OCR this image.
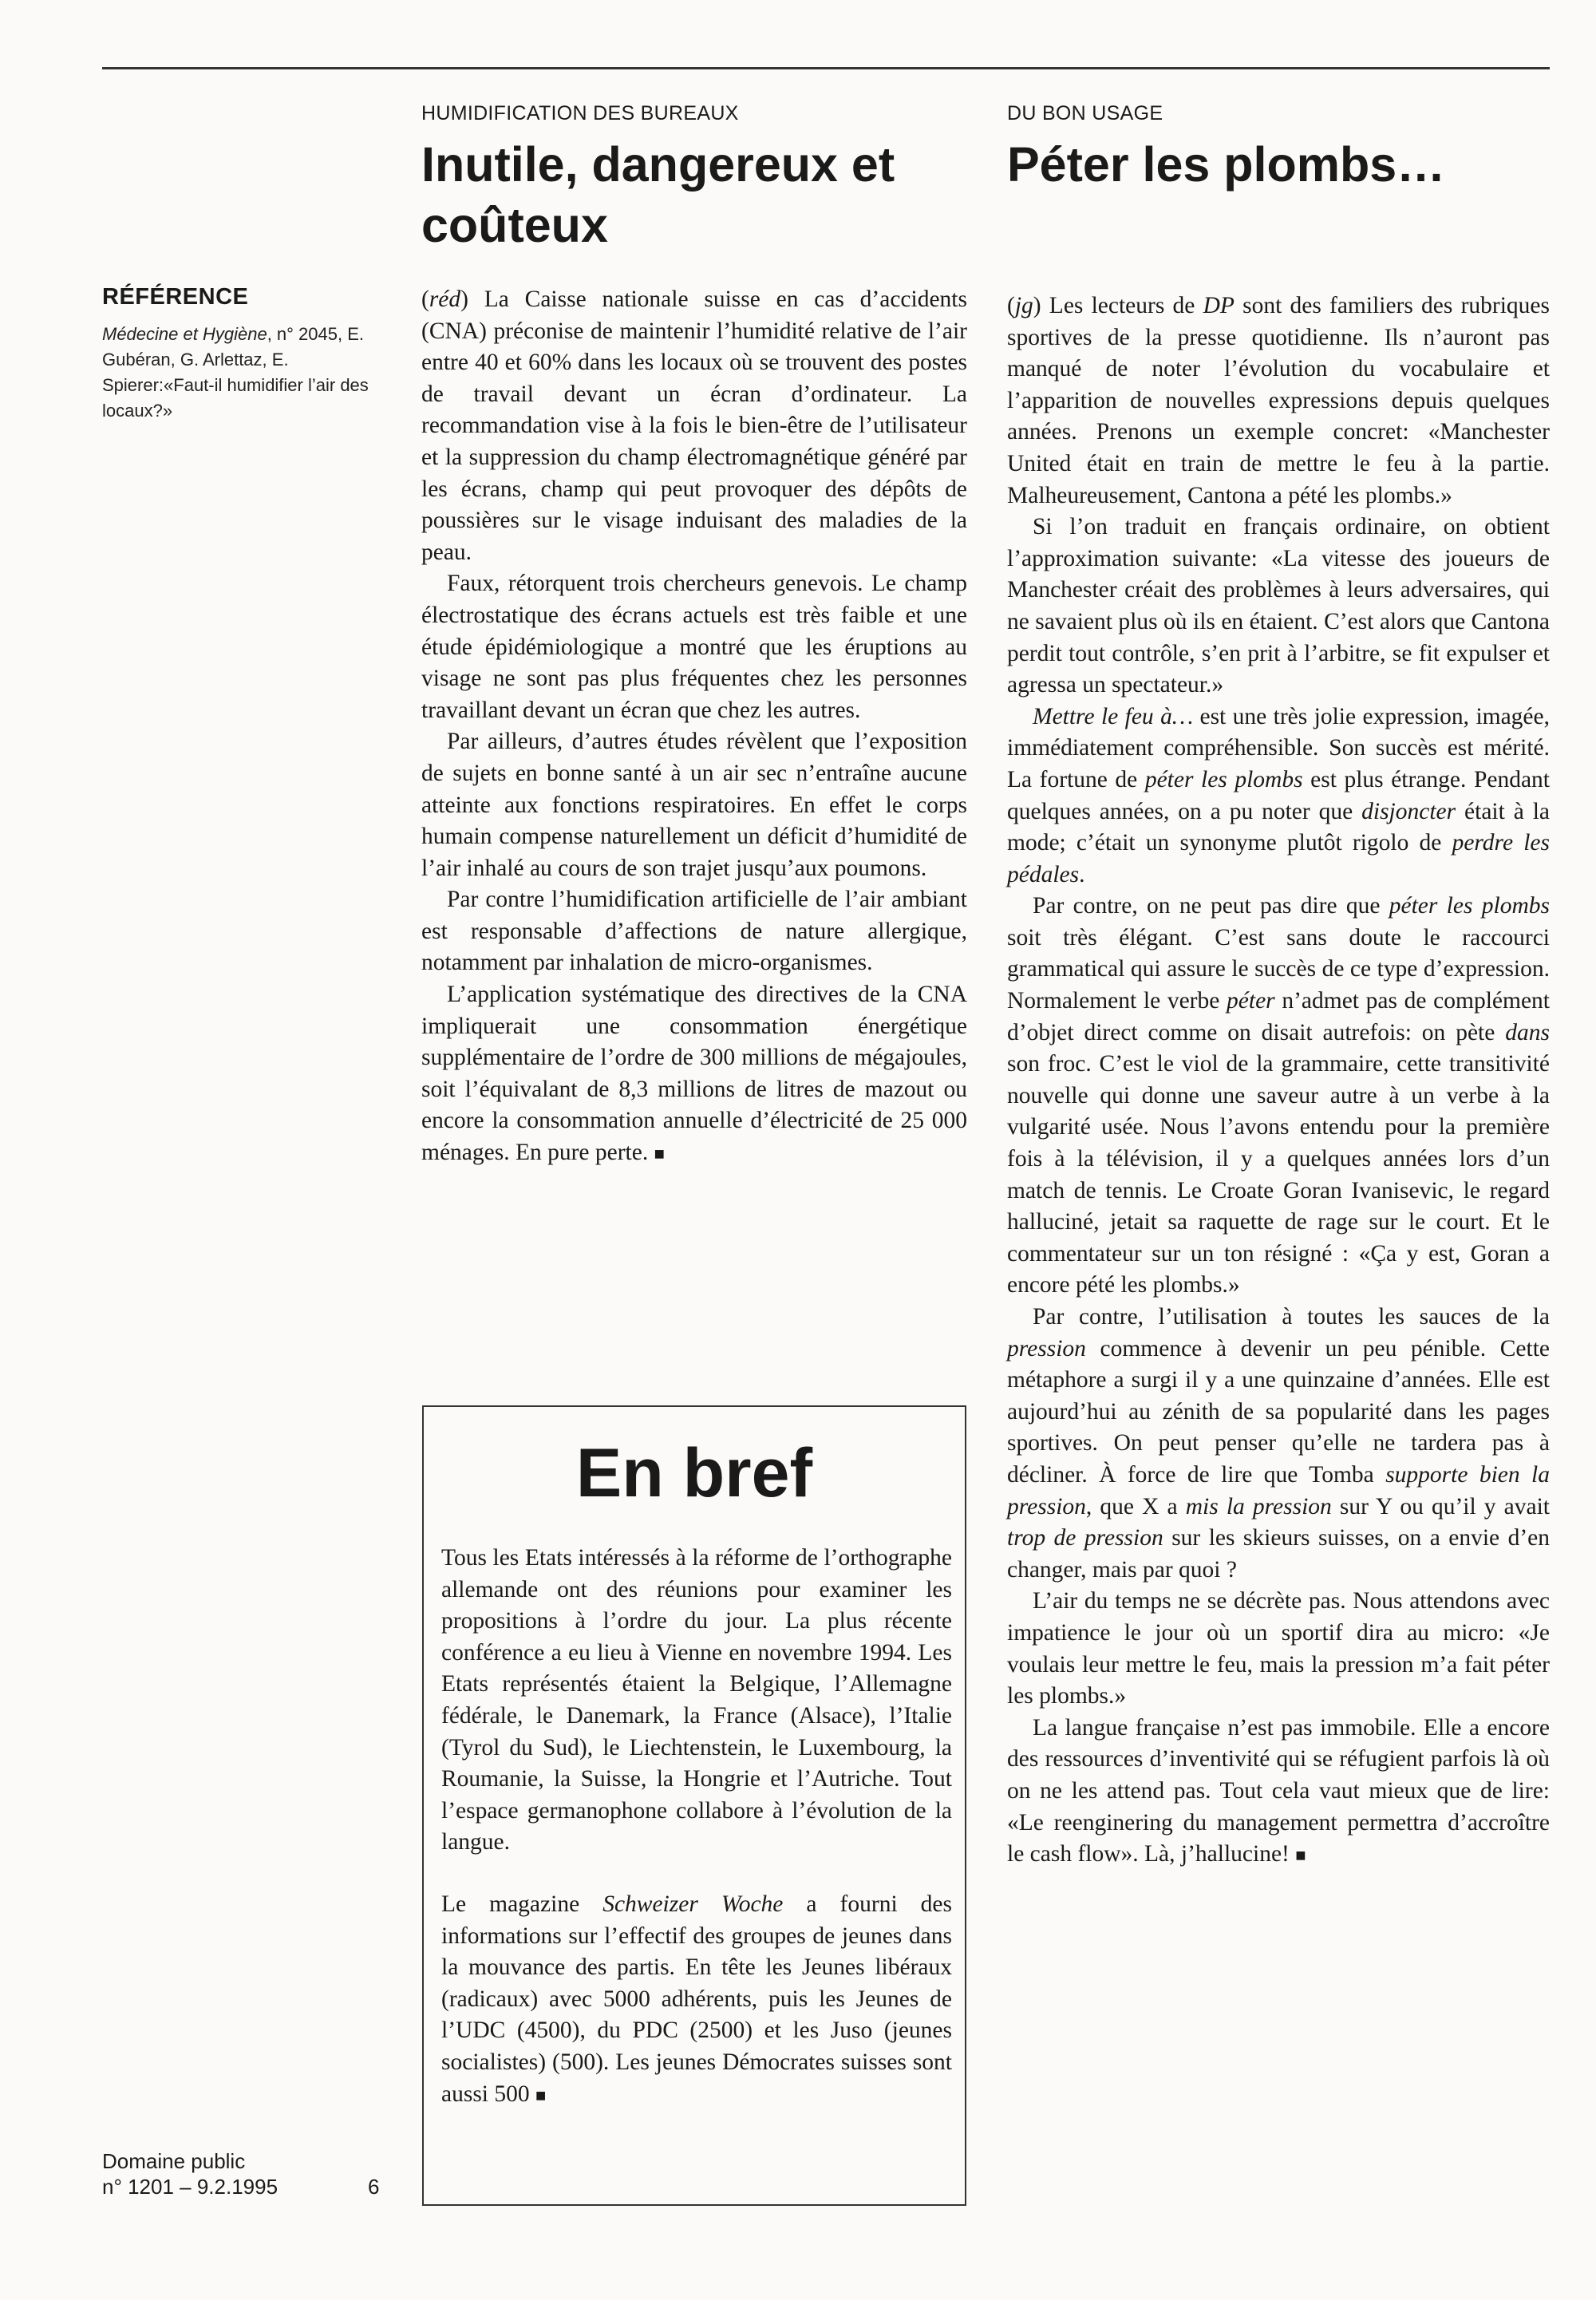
RÉFÉRENCE
Médecine et Hygiène, n° 2045, E. Gubéran, G. Arlettaz, E. Spierer:«Faut-il humidifier l’air des locaux?»
Domaine public
n° 1201 – 9.2.1995	6
HUMIDIFICATION DES BUREAUX
Inutile, dangereux et
coûteux
DU BON USAGE
Péter les plombs…

(réd) La Caisse nationale suisse en cas d’accidents (CNA) préconise de maintenir l’humidité relative de l’air entre 40 et 60% dans les locaux où se trouvent des postes de travail devant un écran d’ordinateur. La recommandation vise à la fois le bien-être de l’utilisateur et la suppression du champ électromagnétique généré par les écrans, champ qui peut provoquer des dépôts de poussières sur le visage induisant des maladies de la peau.

Faux, rétorquent trois chercheurs genevois. Le champ électrostatique des écrans actuels est très faible et une étude épidémiologique a montré que les éruptions au visage ne sont pas plus fréquentes chez les personnes travaillant devant un écran que chez les autres.

Par ailleurs, d’autres études révèlent que l’exposition de sujets en bonne santé à un air sec n’entraîne aucune atteinte aux fonctions respiratoires. En effet le corps humain compense naturellement un déficit d’humidité de l’air inhalé au cours de son trajet jusqu’aux poumons.

Par contre l’humidification artificielle de l’air ambiant est responsable d’affections de nature allergique, notamment par inhalation de micro-organismes.

L’application systématique des directives de la CNA impliquerait une consommation énergétique supplémentaire de l’ordre de 300 millions de mégajoules, soit l’équivalant de 8,3 millions de litres de mazout ou encore la consommation annuelle d’électricité de 25 000 ménages. En pure perte. ■

En bref

Tous les Etats intéressés à la réforme de l’orthographe allemande ont des réunions pour examiner les propositions à l’ordre du jour. La plus récente conférence a eu lieu à Vienne en novembre 1994. Les Etats représentés étaient la Belgique, l’Allemagne fédérale, le Danemark, la France (Alsace), l’Italie (Tyrol du Sud), le Liechtenstein, le Luxembourg, la Roumanie, la Suisse, la Hongrie et l’Autriche. Tout l’espace germanophone collabore à l’évolution de la langue.

Le magazine Schweizer Woche a fourni des informations sur l’effectif des groupes de jeunes dans la mouvance des partis. En tête les Jeunes libéraux (radicaux) avec 5000 adhérents, puis les Jeunes de l’UDC (4500), du PDC (2500) et les Juso (jeunes socialistes) (500). Les jeunes Démocrates suisses sont aussi 500 ■

(jg) Les lecteurs de DP sont des familiers des rubriques sportives de la presse quotidienne. Ils n’auront pas manqué de noter l’évolution du vocabulaire et l’apparition de nouvelles expressions depuis quelques années. Prenons un exemple concret: «Manchester United était en train de mettre le feu à la partie. Malheureusement, Cantona a pété les plombs.»

Si l’on traduit en français ordinaire, on obtient l’approximation suivante: «La vitesse des joueurs de Manchester créait des problèmes à leurs adversaires, qui ne savaient plus où ils en étaient. C’est alors que Cantona perdit tout contrôle, s’en prit à l’arbitre, se fit expulser et agressa un spectateur.»

Mettre le feu à… est une très jolie expression, imagée, immédiatement compréhensible. Son succès est mérité. La fortune de péter les plombs est plus étrange. Pendant quelques années, on a pu noter que disjoncter était à la mode; c’était un synonyme plutôt rigolo de perdre les pédales.

Par contre, on ne peut pas dire que péter les plombs soit très élégant. C’est sans doute le raccourci grammatical qui assure le succès de ce type d’expression. Normalement le verbe péter n’admet pas de complément d’objet direct comme on disait autrefois: on pète dans son froc. C’est le viol de la grammaire, cette transitivité nouvelle qui donne une saveur autre à un verbe à la vulgarité usée. Nous l’avons entendu pour la première fois à la télévision, il y a quelques années lors d’un match de tennis. Le Croate Goran Ivanisevic, le regard halluciné, jetait sa raquette de rage sur le court. Et le commentateur sur un ton résigné : «Ça y est, Goran a encore pété les plombs.»

Par contre, l’utilisation à toutes les sauces de la pression commence à devenir un peu pénible. Cette métaphore a surgi il y a une quinzaine d’années. Elle est aujourd’hui au zénith de sa popularité dans les pages sportives. On peut penser qu’elle ne tardera pas à décliner. À force de lire que Tomba supporte bien la pression, que X a mis la pression sur Y ou qu’il y avait trop de pression sur les skieurs suisses, on a envie d’en changer, mais par quoi ?

L’air du temps ne se décrète pas. Nous attendons avec impatience le jour où un sportif dira au micro: «Je voulais leur mettre le feu, mais la pression m’a fait péter les plombs.»

La langue française n’est pas immobile. Elle a encore des ressources d’inventivité qui se réfugient parfois là où on ne les attend pas. Tout cela vaut mieux que de lire: «Le reenginering du management permettra d’accroître le cash flow». Là, j’hallucine! ■
